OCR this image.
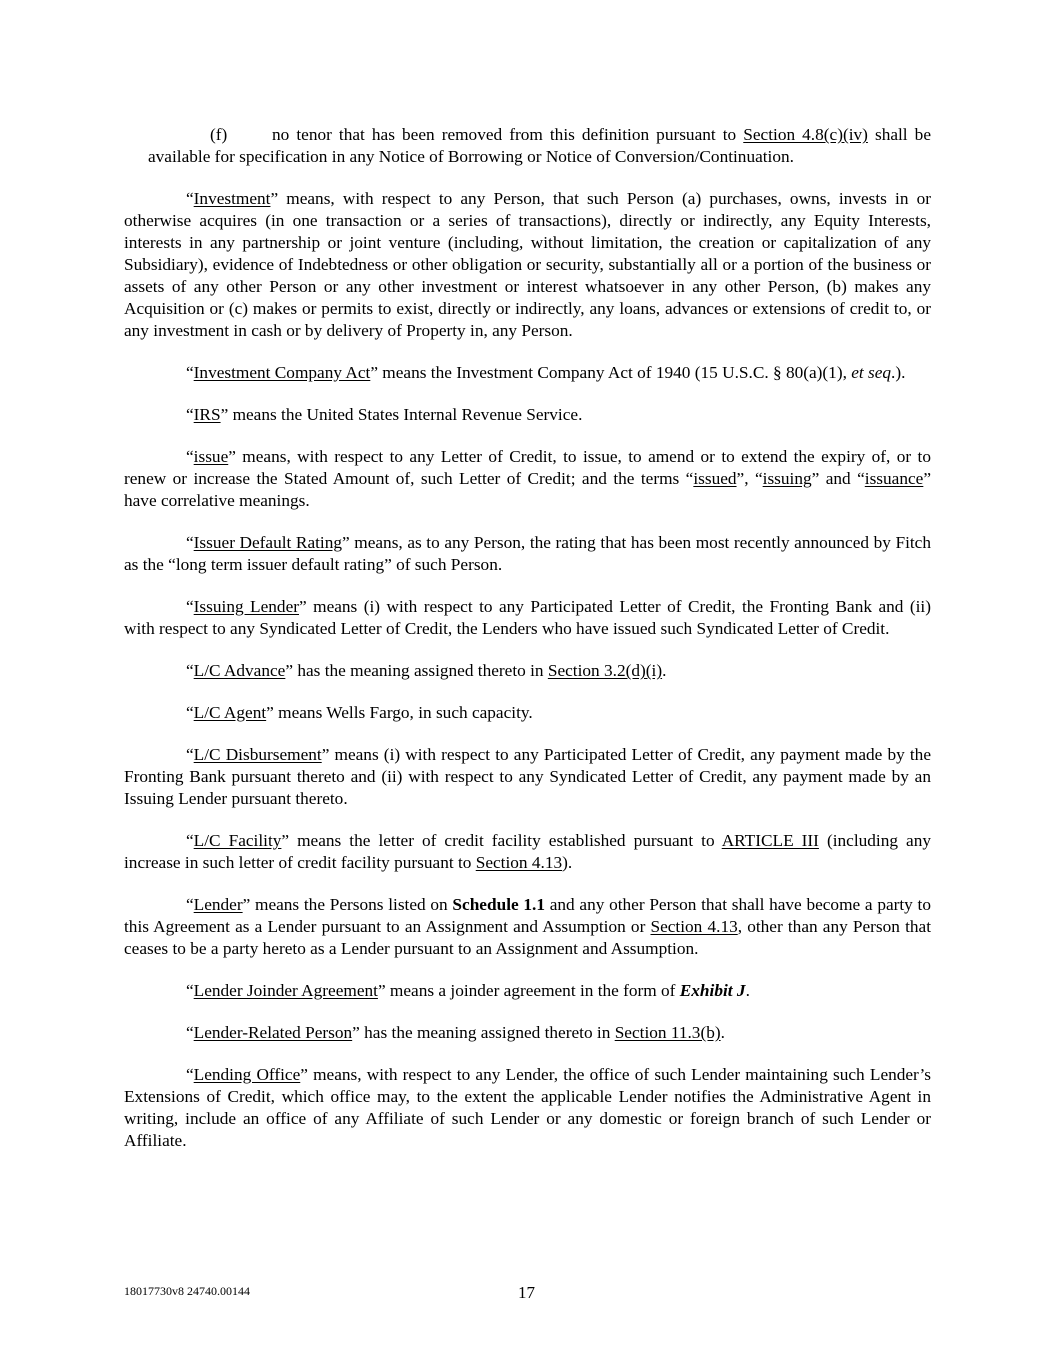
(f)	no tenor that has been removed from this definition pursuant to Section 4.8(c)(iv) shall be available for specification in any Notice of Borrowing or Notice of Conversion/Continuation.

“Investment” means, with respect to any Person, that such Person (a) purchases, owns, invests in or otherwise acquires (in one transaction or a series of transactions), directly or indirectly, any Equity Interests, interests in any partnership or joint venture (including, without limitation, the creation or capitalization of any Subsidiary), evidence of Indebtedness or other obligation or security, substantially all or a portion of the business or assets of any other Person or any other investment or interest whatsoever in any other Person, (b) makes any Acquisition or (c) makes or permits to exist, directly or indirectly, any loans, advances or extensions of credit to, or any investment in cash or by delivery of Property in, any Person.

“Investment Company Act” means the Investment Company Act of 1940 (15 U.S.C. § 80(a)(1), et seq.).

“IRS” means the United States Internal Revenue Service.

“issue” means, with respect to any Letter of Credit, to issue, to amend or to extend the expiry of, or to renew or increase the Stated Amount of, such Letter of Credit; and the terms “issued”, “issuing” and “issuance” have correlative meanings.

“Issuer Default Rating” means, as to any Person, the rating that has been most recently announced by Fitch as the “long term issuer default rating” of such Person.

“Issuing Lender” means (i) with respect to any Participated Letter of Credit, the Fronting Bank and (ii) with respect to any Syndicated Letter of Credit, the Lenders who have issued such Syndicated Letter of Credit.

“L/C Advance” has the meaning assigned thereto in Section 3.2(d)(i).

“L/C Agent” means Wells Fargo, in such capacity.

“L/C Disbursement” means (i) with respect to any Participated Letter of Credit, any payment made by the Fronting Bank pursuant thereto and (ii) with respect to any Syndicated Letter of Credit, any payment made by an Issuing Lender pursuant thereto.

“L/C Facility” means the letter of credit facility established pursuant to ARTICLE III (including any increase in such letter of credit facility pursuant to Section 4.13).

“Lender” means the Persons listed on Schedule 1.1 and any other Person that shall have become a party to this Agreement as a Lender pursuant to an Assignment and Assumption or Section 4.13, other than any Person that ceases to be a party hereto as a Lender pursuant to an Assignment and Assumption.

“Lender Joinder Agreement” means a joinder agreement in the form of Exhibit J.

“Lender-Related Person” has the meaning assigned thereto in Section 11.3(b).

“Lending Office” means, with respect to any Lender, the office of such Lender maintaining such Lender’s Extensions of Credit, which office may, to the extent the applicable Lender notifies the Administrative Agent in writing, include an office of any Affiliate of such Lender or any domestic or foreign branch of such Lender or Affiliate.

18017730v8 24740.00144	17
